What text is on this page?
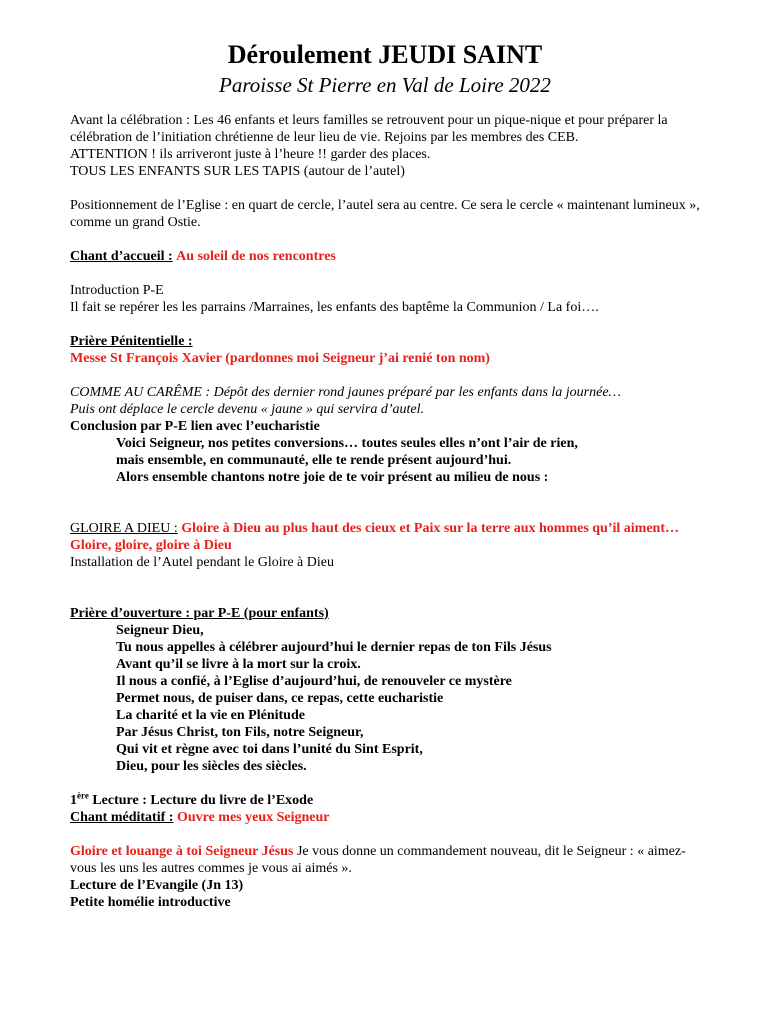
Déroulement JEUDI SAINT

Paroisse St Pierre en Val de Loire 2022

Avant la célébration : Les 46 enfants et leurs familles se retrouvent pour un pique-nique et pour préparer la célébration de l’initiation chrétienne de leur lieu de vie. Rejoins par les membres des CEB.

ATTENTION ! ils arriveront juste à l’heure !! garder des places.

TOUS LES ENFANTS SUR LES TAPIS (autour de l’autel)

Positionnement de l’Eglise : en quart de cercle, l’autel sera au centre. Ce sera le cercle « maintenant lumineux », comme un grand Ostie.

Chant d’accueil : Au soleil de nos rencontres

Introduction P-E

Il fait se repérer les les parrains /Marraines, les enfants des baptême la Communion / La foi….

Prière Pénitentielle :

Messe St François Xavier (pardonnes moi Seigneur j’ai renié ton nom)

COMME AU CARÊME : Dépôt des dernier rond jaunes préparé par les enfants dans la journée…

Puis ont déplace le cercle devenu « jaune » qui servira d’autel.

Conclusion par P-E lien avec l’eucharistie

Voici Seigneur, nos petites conversions… toutes seules elles n’ont l’air de rien,

mais ensemble, en communauté, elle te rende présent aujourd’hui.

Alors ensemble chantons notre joie de te voir présent au milieu de nous :

GLOIRE A DIEU : Gloire à Dieu au plus haut des cieux et Paix sur la terre aux hommes qu’il aiment… Gloire, gloire, gloire à Dieu

Installation de l’Autel pendant le Gloire à Dieu

Prière d’ouverture : par P-E (pour enfants)

Seigneur Dieu,

Tu nous appelles à célébrer aujourd’hui le dernier repas de ton Fils Jésus

Avant qu’il se livre à la mort sur la croix.

Il nous a confié, à l’Eglise d’aujourd’hui, de renouveler ce mystère

Permet nous, de puiser dans, ce repas, cette eucharistie

La charité et la vie en Plénitude

Par Jésus Christ, ton Fils, notre Seigneur,

Qui vit et règne avec toi dans l’unité du Sint Esprit,

Dieu, pour les siècles des siècles.

1ère Lecture : Lecture du livre de l’Exode

Chant méditatif : Ouvre mes yeux Seigneur

Gloire et louange à toi Seigneur Jésus Je vous donne un commandement nouveau, dit le Seigneur : « aimez-vous les uns les autres commes je vous ai aimés ».

Lecture de l’Evangile (Jn 13)

Petite homélie introductive
